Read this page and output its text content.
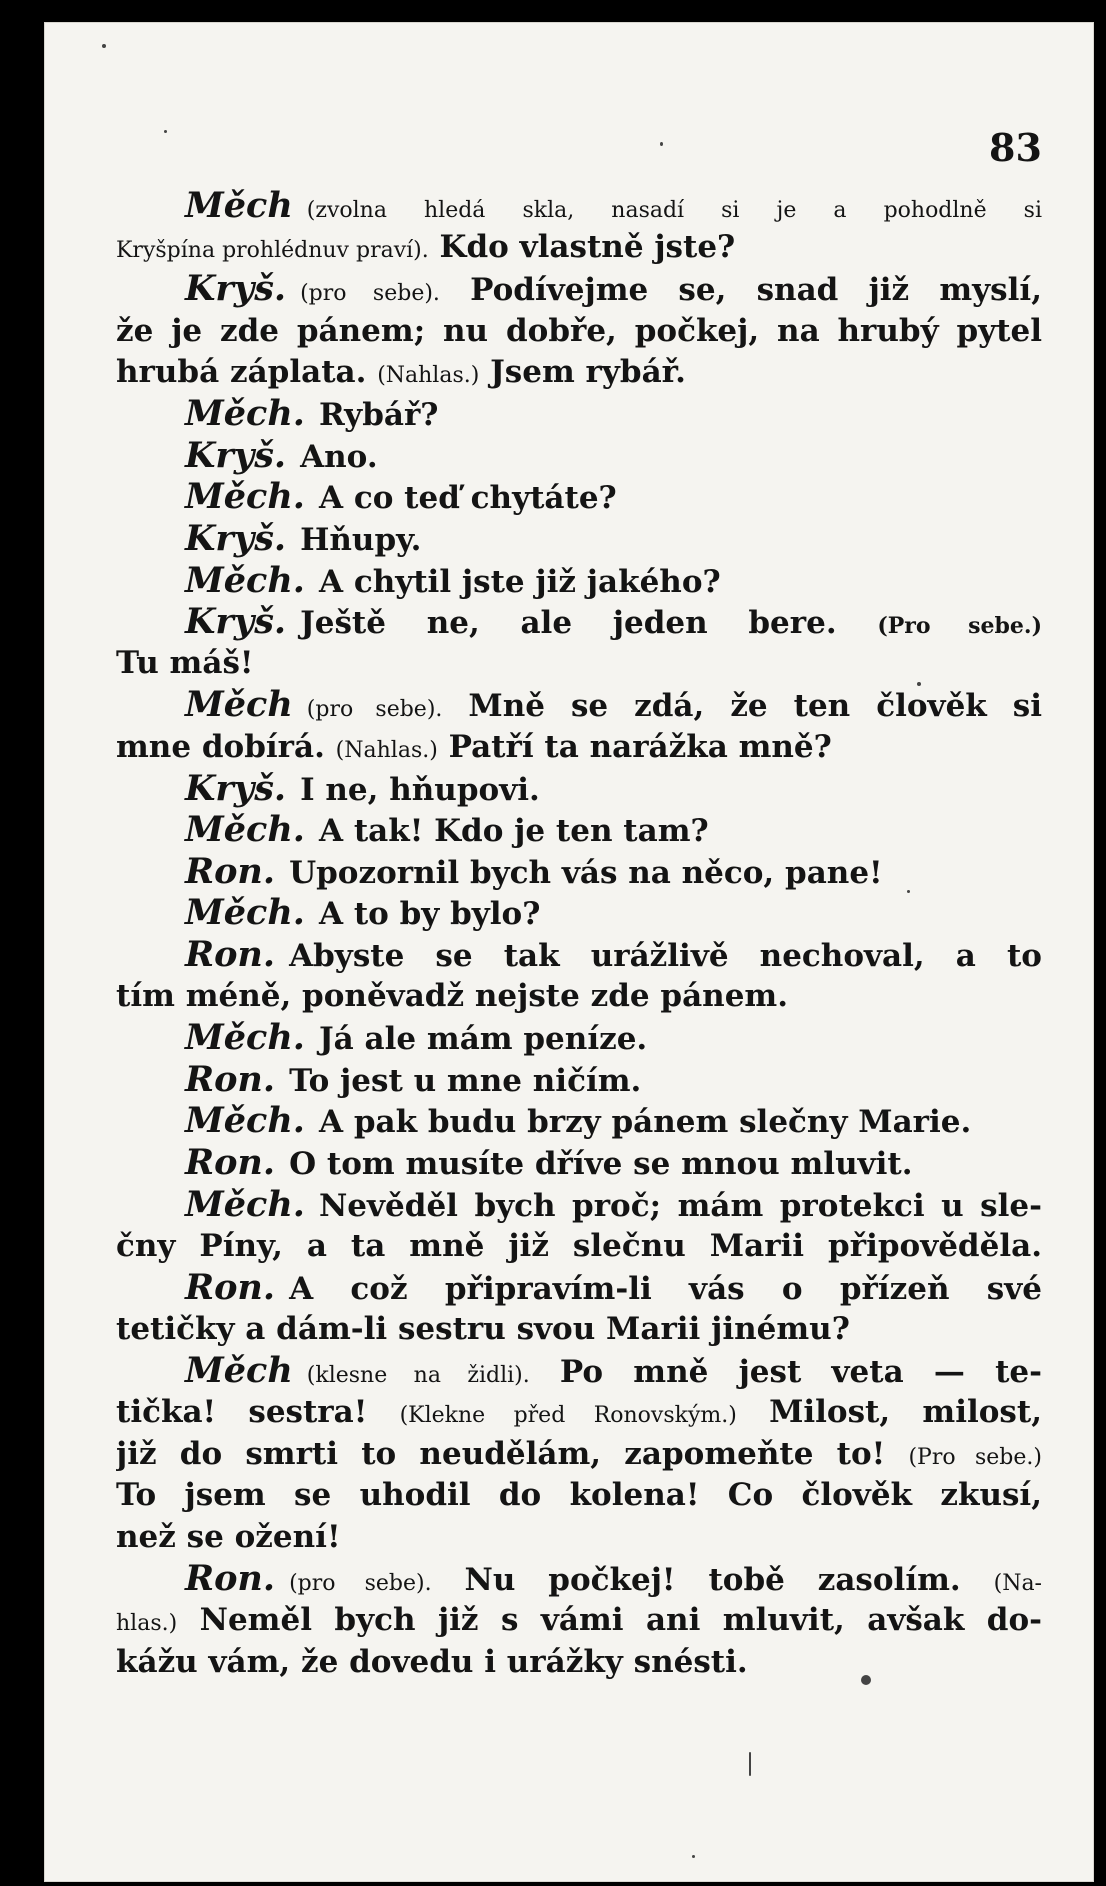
83
Měch (zvolna hledá skla, nasadí si je a pohodlně si
Kryšpína prohlédnuv praví). Kdo vlastně jste?
Kryš. (pro sebe). Podívejme se, snad již myslí,
že je zde pánem; nu dobře, počkej, na hrubý pytel
hrubá záplata. (Nahlas.) Jsem rybář.
Měch. Rybář?
Kryš. Ano.
Měch. A co teď chytáte?
Kryš. Hňupy.
Měch. A chytil jste již jakého?
Kryš. Ještě ne, ale jeden bere. (Pro sebe.)
Tu máš!
Měch (pro sebe). Mně se zdá, že ten člověk si
mne dobírá. (Nahlas.) Patří ta narážka mně?
Kryš. I ne, hňupovi.
Měch. A tak! Kdo je ten tam?
Ron. Upozornil bych vás na něco, pane!
Měch. A to by bylo?
Ron. Abyste se tak urážlivě nechoval, a to
tím méně, poněvadž nejste zde pánem.
Měch. Já ale mám peníze.
Ron. To jest u mne ničím.
Měch. A pak budu brzy pánem slečny Marie.
Ron. O tom musíte dříve se mnou mluvit.
Měch. Nevěděl bych proč; mám protekci u sle-
čny Píny, a ta mně již slečnu Marii připověděla.
Ron. A což připravím-li vás o přízeň své
tetičky a dám-li sestru svou Marii jinému?
Měch (klesne na židli). Po mně jest veta — te-
tička! sestra! (Klekne před Ronovským.) Milost, milost,
již do smrti to neudělám, zapomeňte to! (Pro sebe.)
To jsem se uhodil do kolena! Co člověk zkusí,
než se ožení!
Ron. (pro sebe). Nu počkej! tobě zasolím. (Na-
hlas.) Neměl bych již s vámi ani mluvit, avšak do-
kážu vám, že dovedu i urážky snésti.
